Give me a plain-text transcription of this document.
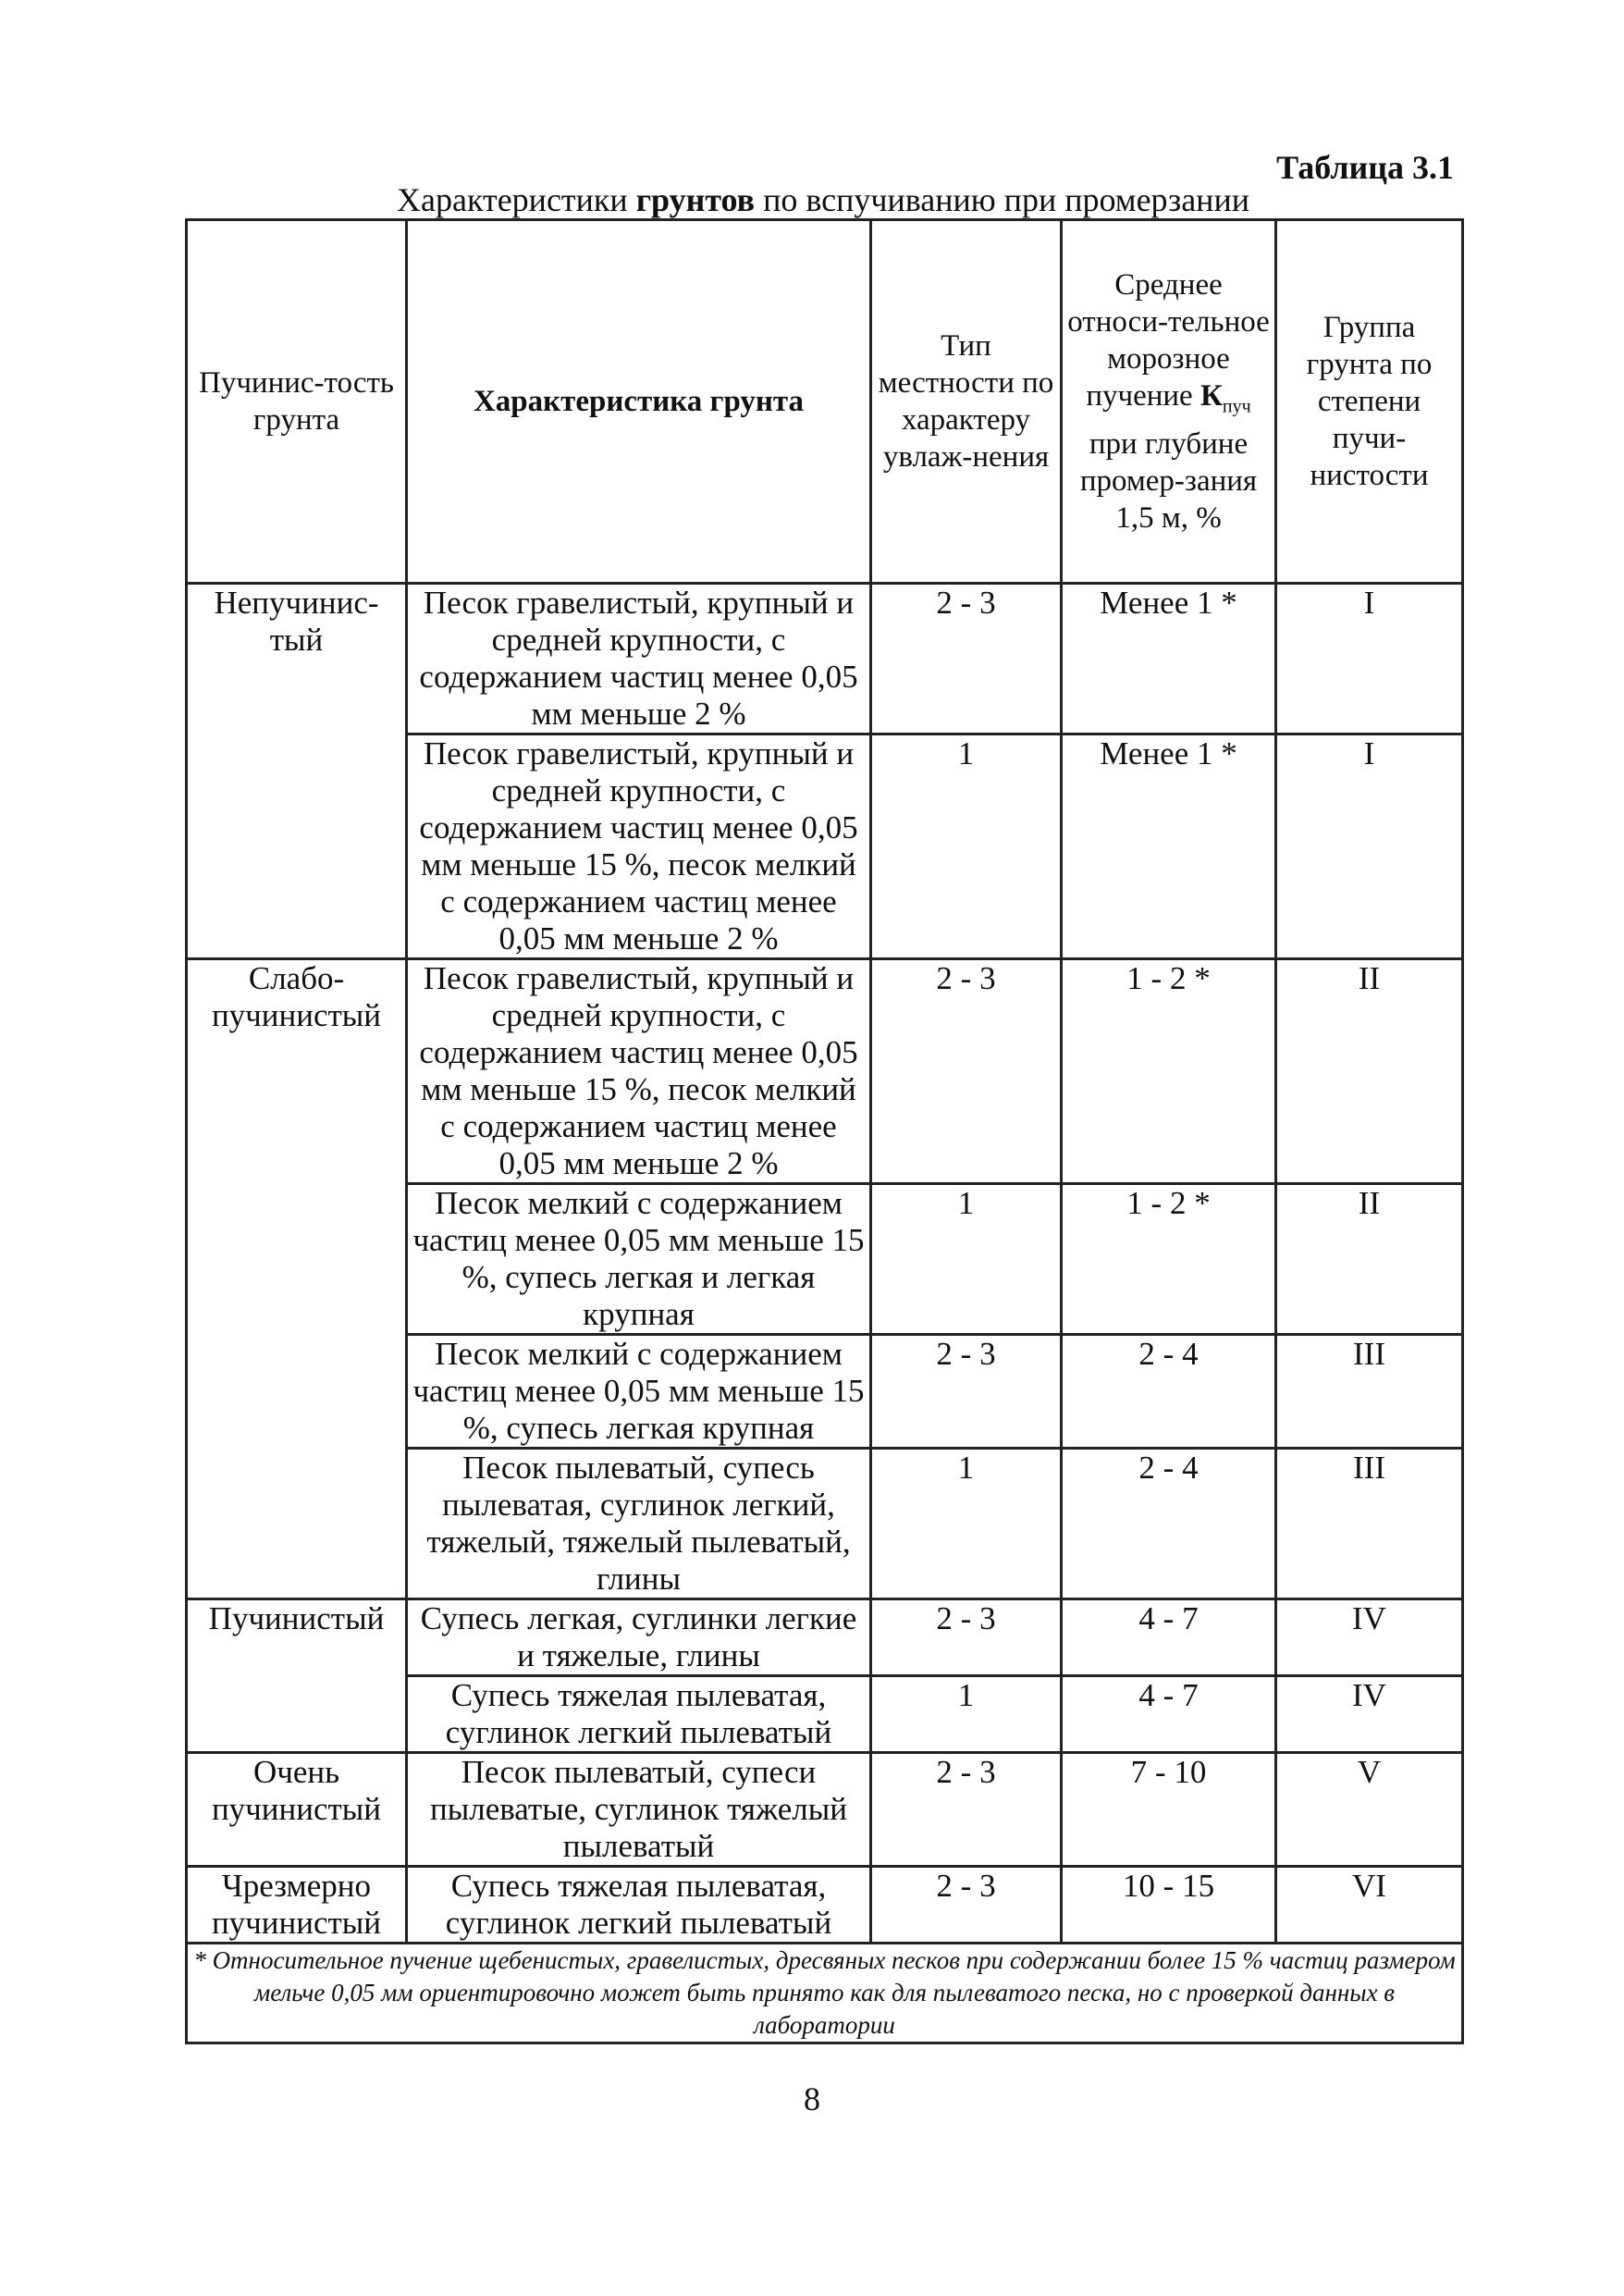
Таблица 3.1
Характеристики грунтов по вспучиванию при промерзании
Пучинис-тость грунта	Характеристика грунта	Тип местности по характеру увлаж-нения	Среднее относи-тельное морозное пучение $К_{пуч}$ при глубине промер-зания 1,5 м, %	Группа грунта по степени пучи-нистости
Непучинис-тый	Песок гравелистый, крупный и средней крупности, с содержанием частиц менее 0,05 мм меньше 2 %	2 - 3	Менее 1 *	I
	Песок гравелистый, крупный и средней крупности, с содержанием частиц менее 0,05 мм меньше 15 %, песок мелкий с содержанием частиц менее 0,05 мм меньше 2 %	1	Менее 1 *	I
Слабо-пучинистый	Песок гравелистый, крупный и средней крупности, с содержанием частиц менее 0,05 мм меньше 15 %, песок мелкий с содержанием частиц менее 0,05 мм меньше 2 %	2 - 3	1 - 2 *	II
	Песок мелкий с содержанием частиц менее 0,05 мм меньше 15 %, супесь легкая и легкая крупная	1	1 - 2 *	II
	Песок мелкий с содержанием частиц менее 0,05 мм меньше 15 %, супесь легкая крупная	2 - 3	2 - 4	III
	Песок пылеватый, супесь пылеватая, суглинок легкий, тяжелый, тяжелый пылеватый, глины	1	2 - 4	III
Пучинистый	Супесь легкая, суглинки легкие и тяжелые, глины	2 - 3	4 - 7	IV
	Супесь тяжелая пылеватая, суглинок легкий пылеватый	1	4 - 7	IV
Очень пучинистый	Песок пылеватый, супеси пылеватые, суглинок тяжелый пылеватый	2 - 3	7 - 10	V
Чрезмерно пучинистый	Супесь тяжелая пылеватая, суглинок легкий пылеватый	2 - 3	10 - 15	VI
* Относительное пучение щебенистых, гравелистых, дресвяных песков при содержании более 15 % частиц размером мельче 0,05 мм ориентировочно может быть принято как для пылеватого песка, но с проверкой данных в лаборатории				
8
